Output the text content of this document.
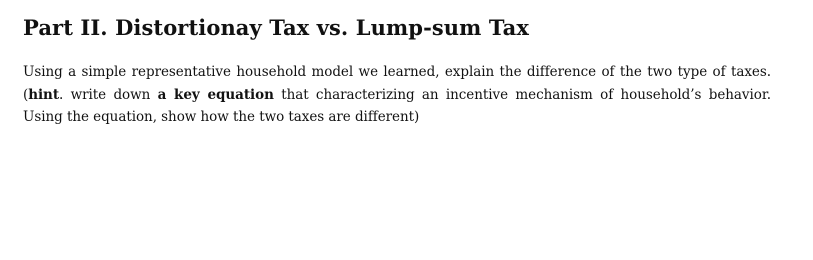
Part II. Distortionay Tax vs. Lump-sum Tax

Using a simple representative household model we learned, explain the difference of the two type of taxes. (hint. write down a key equation that characterizing an incentive mechanism of household’s behavior. Using the equation, show how the two taxes are different)
